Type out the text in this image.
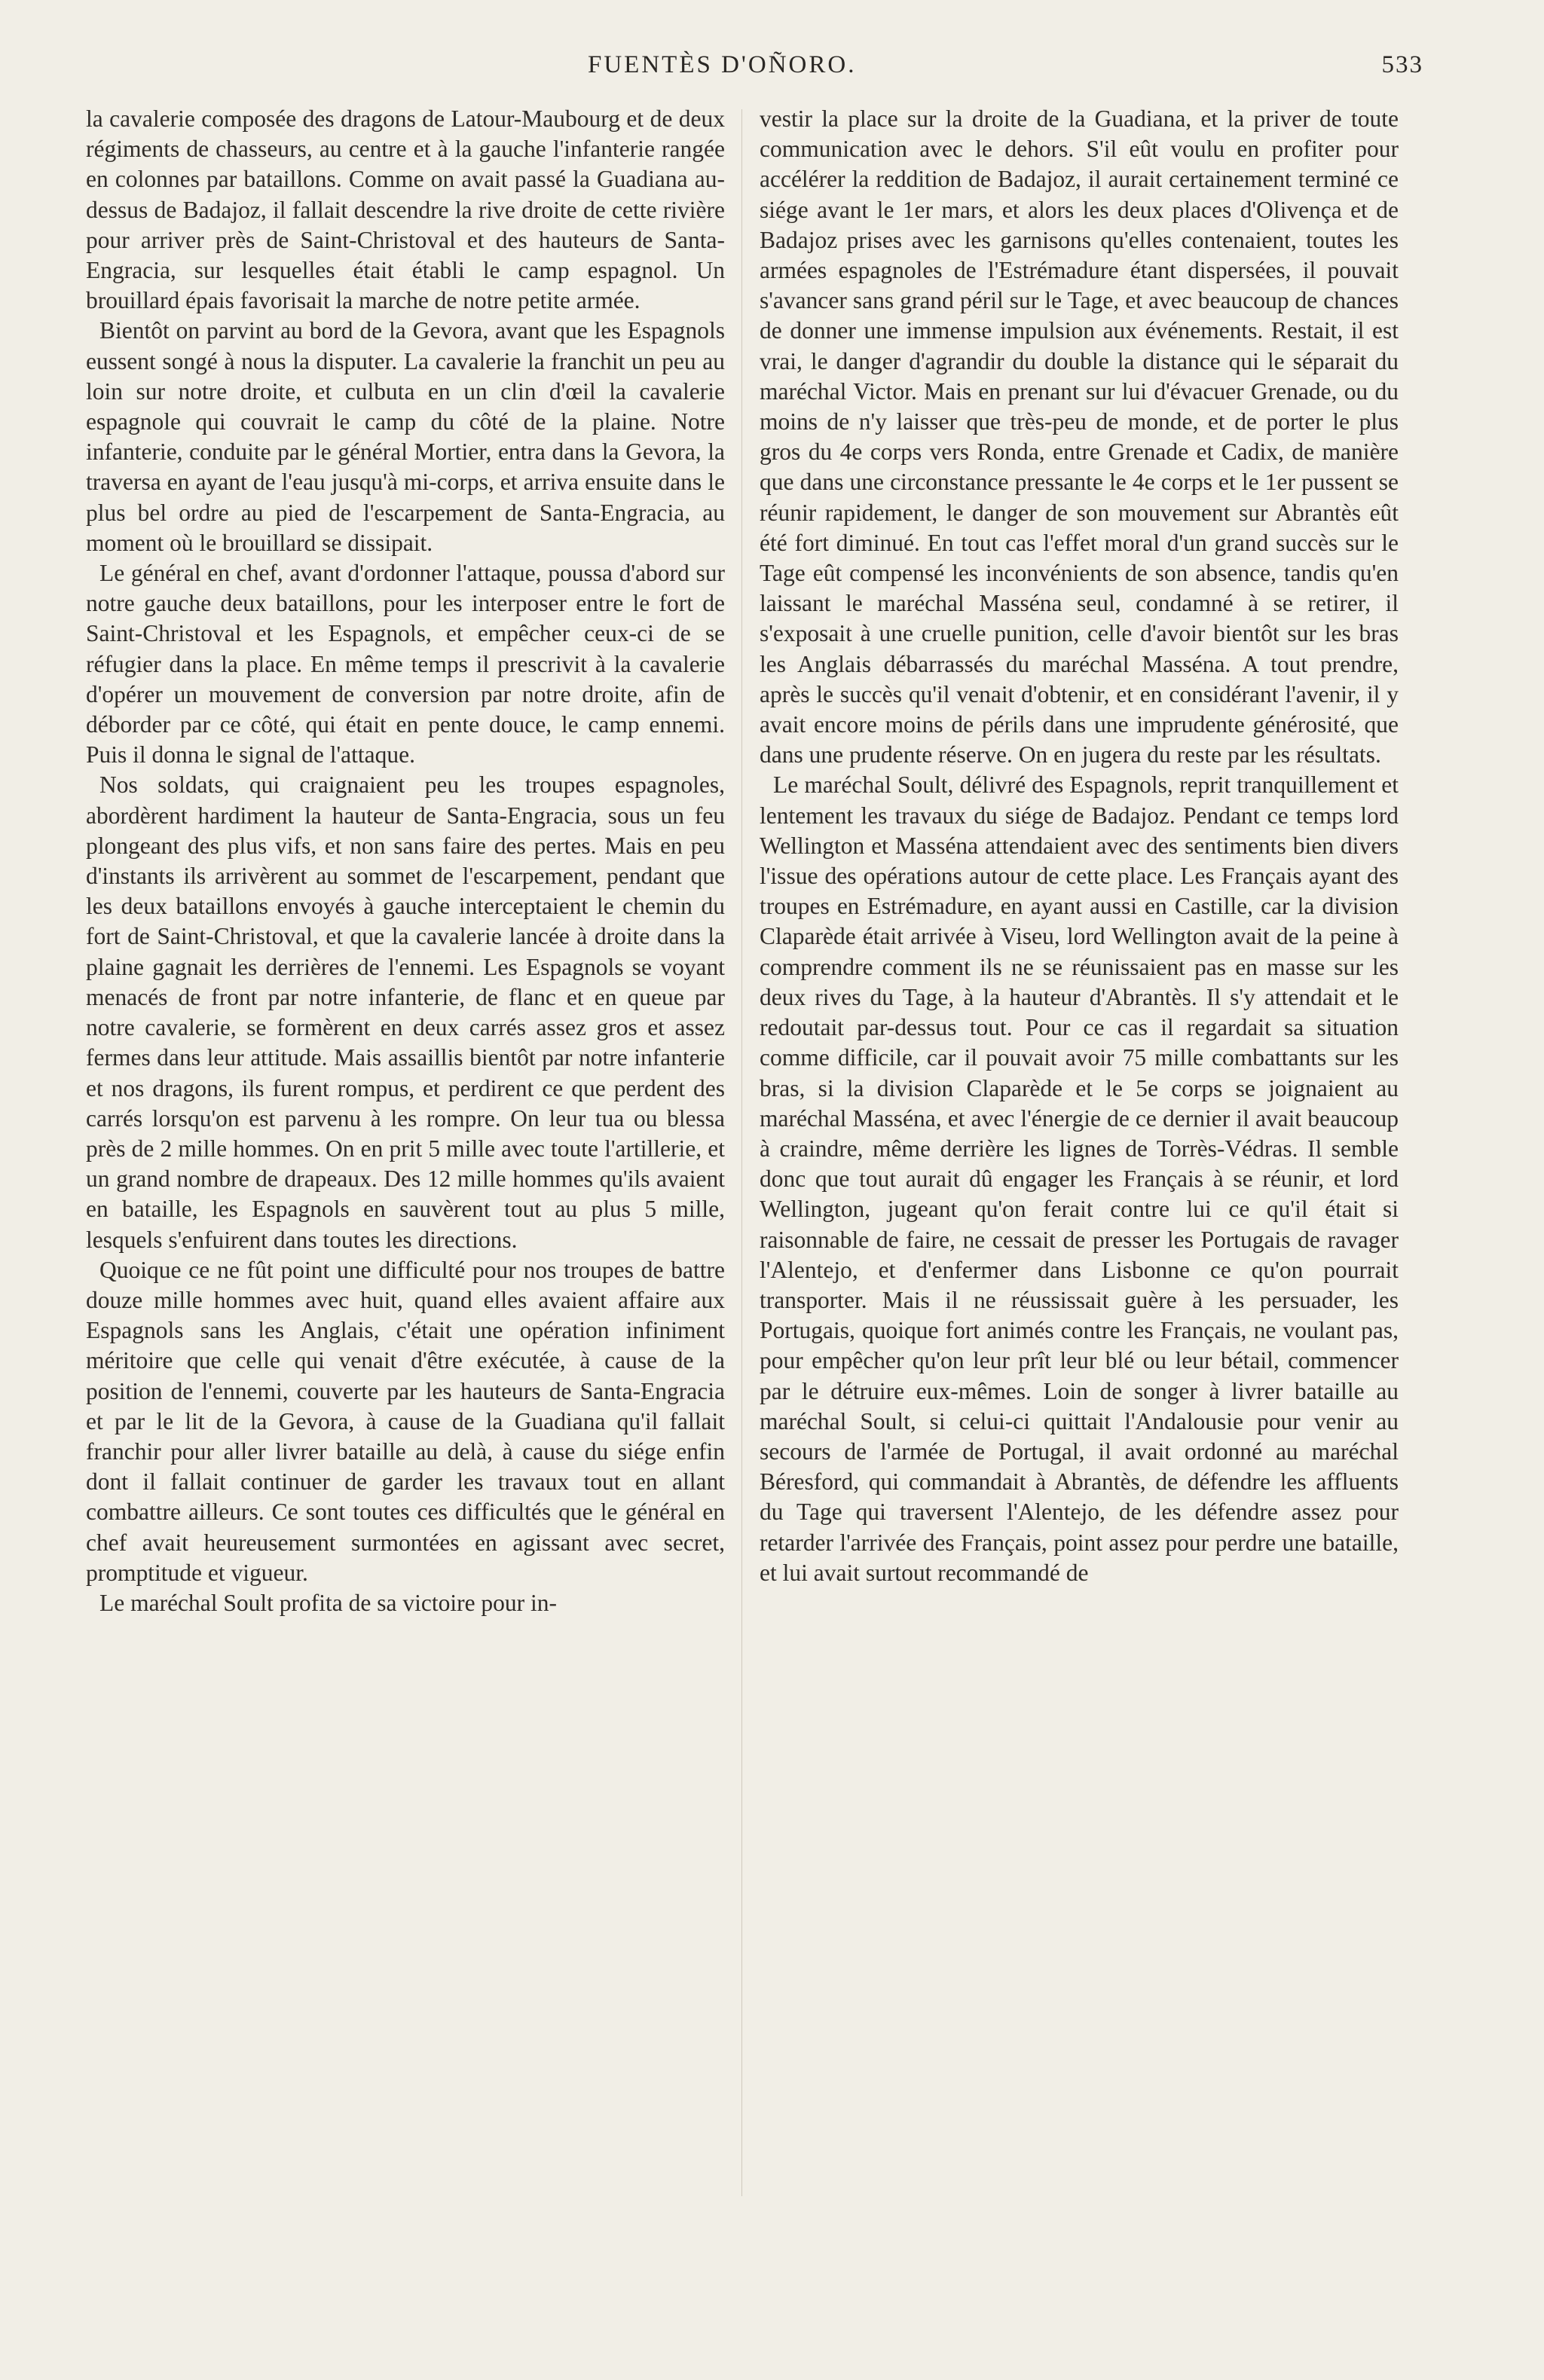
FUENTÈS D'OÑORO.	533

la cavalerie composée des dragons de Latour-Maubourg et de deux régiments de chasseurs, au centre et à la gauche l'infanterie rangée en colonnes par bataillons. Comme on avait passé la Guadiana au-dessus de Badajoz, il fallait descendre la rive droite de cette rivière pour arriver près de Saint-Christoval et des hauteurs de Santa-Engracia, sur lesquelles était établi le camp espagnol. Un brouillard épais favorisait la marche de notre petite armée.

Bientôt on parvint au bord de la Gevora, avant que les Espagnols eussent songé à nous la disputer. La cavalerie la franchit un peu au loin sur notre droite, et culbuta en un clin d'œil la cavalerie espagnole qui couvrait le camp du côté de la plaine. Notre infanterie, conduite par le général Mortier, entra dans la Gevora, la traversa en ayant de l'eau jusqu'à mi-corps, et arriva ensuite dans le plus bel ordre au pied de l'escarpement de Santa-Engracia, au moment où le brouillard se dissipait.

Le général en chef, avant d'ordonner l'attaque, poussa d'abord sur notre gauche deux bataillons, pour les interposer entre le fort de Saint-Christoval et les Espagnols, et empêcher ceux-ci de se réfugier dans la place. En même temps il prescrivit à la cavalerie d'opérer un mouvement de conversion par notre droite, afin de déborder par ce côté, qui était en pente douce, le camp ennemi. Puis il donna le signal de l'attaque.

Nos soldats, qui craignaient peu les troupes espagnoles, abordèrent hardiment la hauteur de Santa-Engracia, sous un feu plongeant des plus vifs, et non sans faire des pertes. Mais en peu d'instants ils arrivèrent au sommet de l'escarpement, pendant que les deux bataillons envoyés à gauche interceptaient le chemin du fort de Saint-Christoval, et que la cavalerie lancée à droite dans la plaine gagnait les derrières de l'ennemi. Les Espagnols se voyant menacés de front par notre infanterie, de flanc et en queue par notre cavalerie, se formèrent en deux carrés assez gros et assez fermes dans leur attitude. Mais assaillis bientôt par notre infanterie et nos dragons, ils furent rompus, et perdirent ce que perdent des carrés lorsqu'on est parvenu à les rompre. On leur tua ou blessa près de 2 mille hommes. On en prit 5 mille avec toute l'artillerie, et un grand nombre de drapeaux. Des 12 mille hommes qu'ils avaient en bataille, les Espagnols en sauvèrent tout au plus 5 mille, lesquels s'enfuirent dans toutes les directions.

Quoique ce ne fût point une difficulté pour nos troupes de battre douze mille hommes avec huit, quand elles avaient affaire aux Espagnols sans les Anglais, c'était une opération infiniment méritoire que celle qui venait d'être exécutée, à cause de la position de l'ennemi, couverte par les hauteurs de Santa-Engracia et par le lit de la Gevora, à cause de la Guadiana qu'il fallait franchir pour aller livrer bataille au delà, à cause du siége enfin dont il fallait continuer de garder les travaux tout en allant combattre ailleurs. Ce sont toutes ces difficultés que le général en chef avait heureusement surmontées en agissant avec secret, promptitude et vigueur.

Le maréchal Soult profita de sa victoire pour in-

vestir la place sur la droite de la Guadiana, et la priver de toute communication avec le dehors. S'il eût voulu en profiter pour accélérer la reddition de Badajoz, il aurait certainement terminé ce siége avant le 1er mars, et alors les deux places d'Olivença et de Badajoz prises avec les garnisons qu'elles contenaient, toutes les armées espagnoles de l'Estrémadure étant dispersées, il pouvait s'avancer sans grand péril sur le Tage, et avec beaucoup de chances de donner une immense impulsion aux événements. Restait, il est vrai, le danger d'agrandir du double la distance qui le séparait du maréchal Victor. Mais en prenant sur lui d'évacuer Grenade, ou du moins de n'y laisser que très-peu de monde, et de porter le plus gros du 4e corps vers Ronda, entre Grenade et Cadix, de manière que dans une circonstance pressante le 4e corps et le 1er pussent se réunir rapidement, le danger de son mouvement sur Abrantès eût été fort diminué. En tout cas l'effet moral d'un grand succès sur le Tage eût compensé les inconvénients de son absence, tandis qu'en laissant le maréchal Masséna seul, condamné à se retirer, il s'exposait à une cruelle punition, celle d'avoir bientôt sur les bras les Anglais débarrassés du maréchal Masséna. A tout prendre, après le succès qu'il venait d'obtenir, et en considérant l'avenir, il y avait encore moins de périls dans une imprudente générosité, que dans une prudente réserve. On en jugera du reste par les résultats.

Le maréchal Soult, délivré des Espagnols, reprit tranquillement et lentement les travaux du siége de Badajoz. Pendant ce temps lord Wellington et Masséna attendaient avec des sentiments bien divers l'issue des opérations autour de cette place. Les Français ayant des troupes en Estrémadure, en ayant aussi en Castille, car la division Claparède était arrivée à Viseu, lord Wellington avait de la peine à comprendre comment ils ne se réunissaient pas en masse sur les deux rives du Tage, à la hauteur d'Abrantès. Il s'y attendait et le redoutait par-dessus tout. Pour ce cas il regardait sa situation comme difficile, car il pouvait avoir 75 mille combattants sur les bras, si la division Claparède et le 5e corps se joignaient au maréchal Masséna, et avec l'énergie de ce dernier il avait beaucoup à craindre, même derrière les lignes de Torrès-Védras. Il semble donc que tout aurait dû engager les Français à se réunir, et lord Wellington, jugeant qu'on ferait contre lui ce qu'il était si raisonnable de faire, ne cessait de presser les Portugais de ravager l'Alentejo, et d'enfermer dans Lisbonne ce qu'on pourrait transporter. Mais il ne réussissait guère à les persuader, les Portugais, quoique fort animés contre les Français, ne voulant pas, pour empêcher qu'on leur prît leur blé ou leur bétail, commencer par le détruire eux-mêmes. Loin de songer à livrer bataille au maréchal Soult, si celui-ci quittait l'Andalousie pour venir au secours de l'armée de Portugal, il avait ordonné au maréchal Béresford, qui commandait à Abrantès, de défendre les affluents du Tage qui traversent l'Alentejo, de les défendre assez pour retarder l'arrivée des Français, point assez pour perdre une bataille, et lui avait surtout recommandé de
